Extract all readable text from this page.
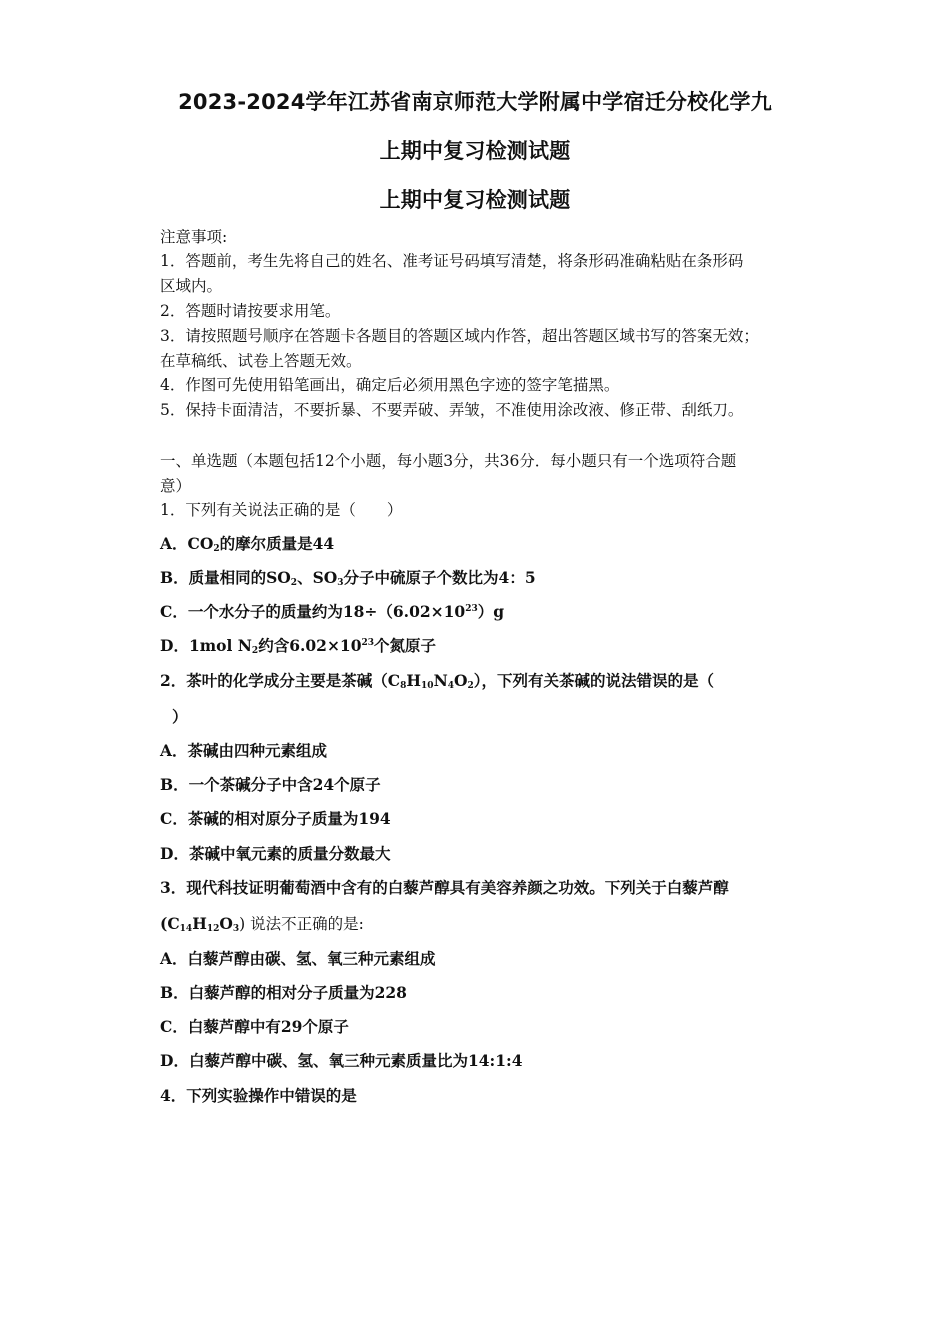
2023-2024学年江苏省南京师范大学附属中学宿迁分校化学九
上期中复习检测试题
上期中复习检测试题
注意事项:
1．答题前，考生先将自己的姓名、准考证号码填写清楚，将条形码准确粘贴在条形码
区域内。
2．答题时请按要求用笔。
3．请按照题号顺序在答题卡各题目的答题区域内作答，超出答题区域书写的答案无效；
在草稿纸、试卷上答题无效。
4．作图可先使用铅笔画出，确定后必须用黑色字迹的签字笔描黑。
5．保持卡面清洁，不要折暴、不要弄破、弄皱，不准使用涂改液、修正带、刮纸刀。
一、单选题（本题包括12个小题，每小题3分，共36分．每小题只有一个选项符合题
意）
1．下列有关说法正确的是（　　）
A．$CO_2$的摩尔质量是44
B．质量相同的$SO_2$、$SO_3$分子中硫原子个数比为4：5
C．一个水分子的质量约为$18\div(6.02\times 10^{23})g$
D．1mol $N_2$约含$6.02\times 10^{23}$个氮原子
2．茶叶的化学成分主要是茶碱$(C_8H_{10}N_4O_2)$，下列有关茶碱的说法错误的是（
）
A．茶碱由四种元素组成
B．一个茶碱分子中含24个原子
C．茶碱的相对原分子质量为194
D．茶碱中氧元素的质量分数最大
3．现代科技证明葡萄酒中含有的白藜芦醇具有美容养颜之功效。下列关于白藜芦醇
$(C_{14}H_{12}O_3)$ 说法不正确的是:
A．白藜芦醇由碳、氢、氧三种元素组成
B．白藜芦醇的相对分子质量为228
C．白藜芦醇中有29个原子
D．白藜芦醇中碳、氢、氧三种元素质量比为14:1:4
4．下列实验操作中错误的是
